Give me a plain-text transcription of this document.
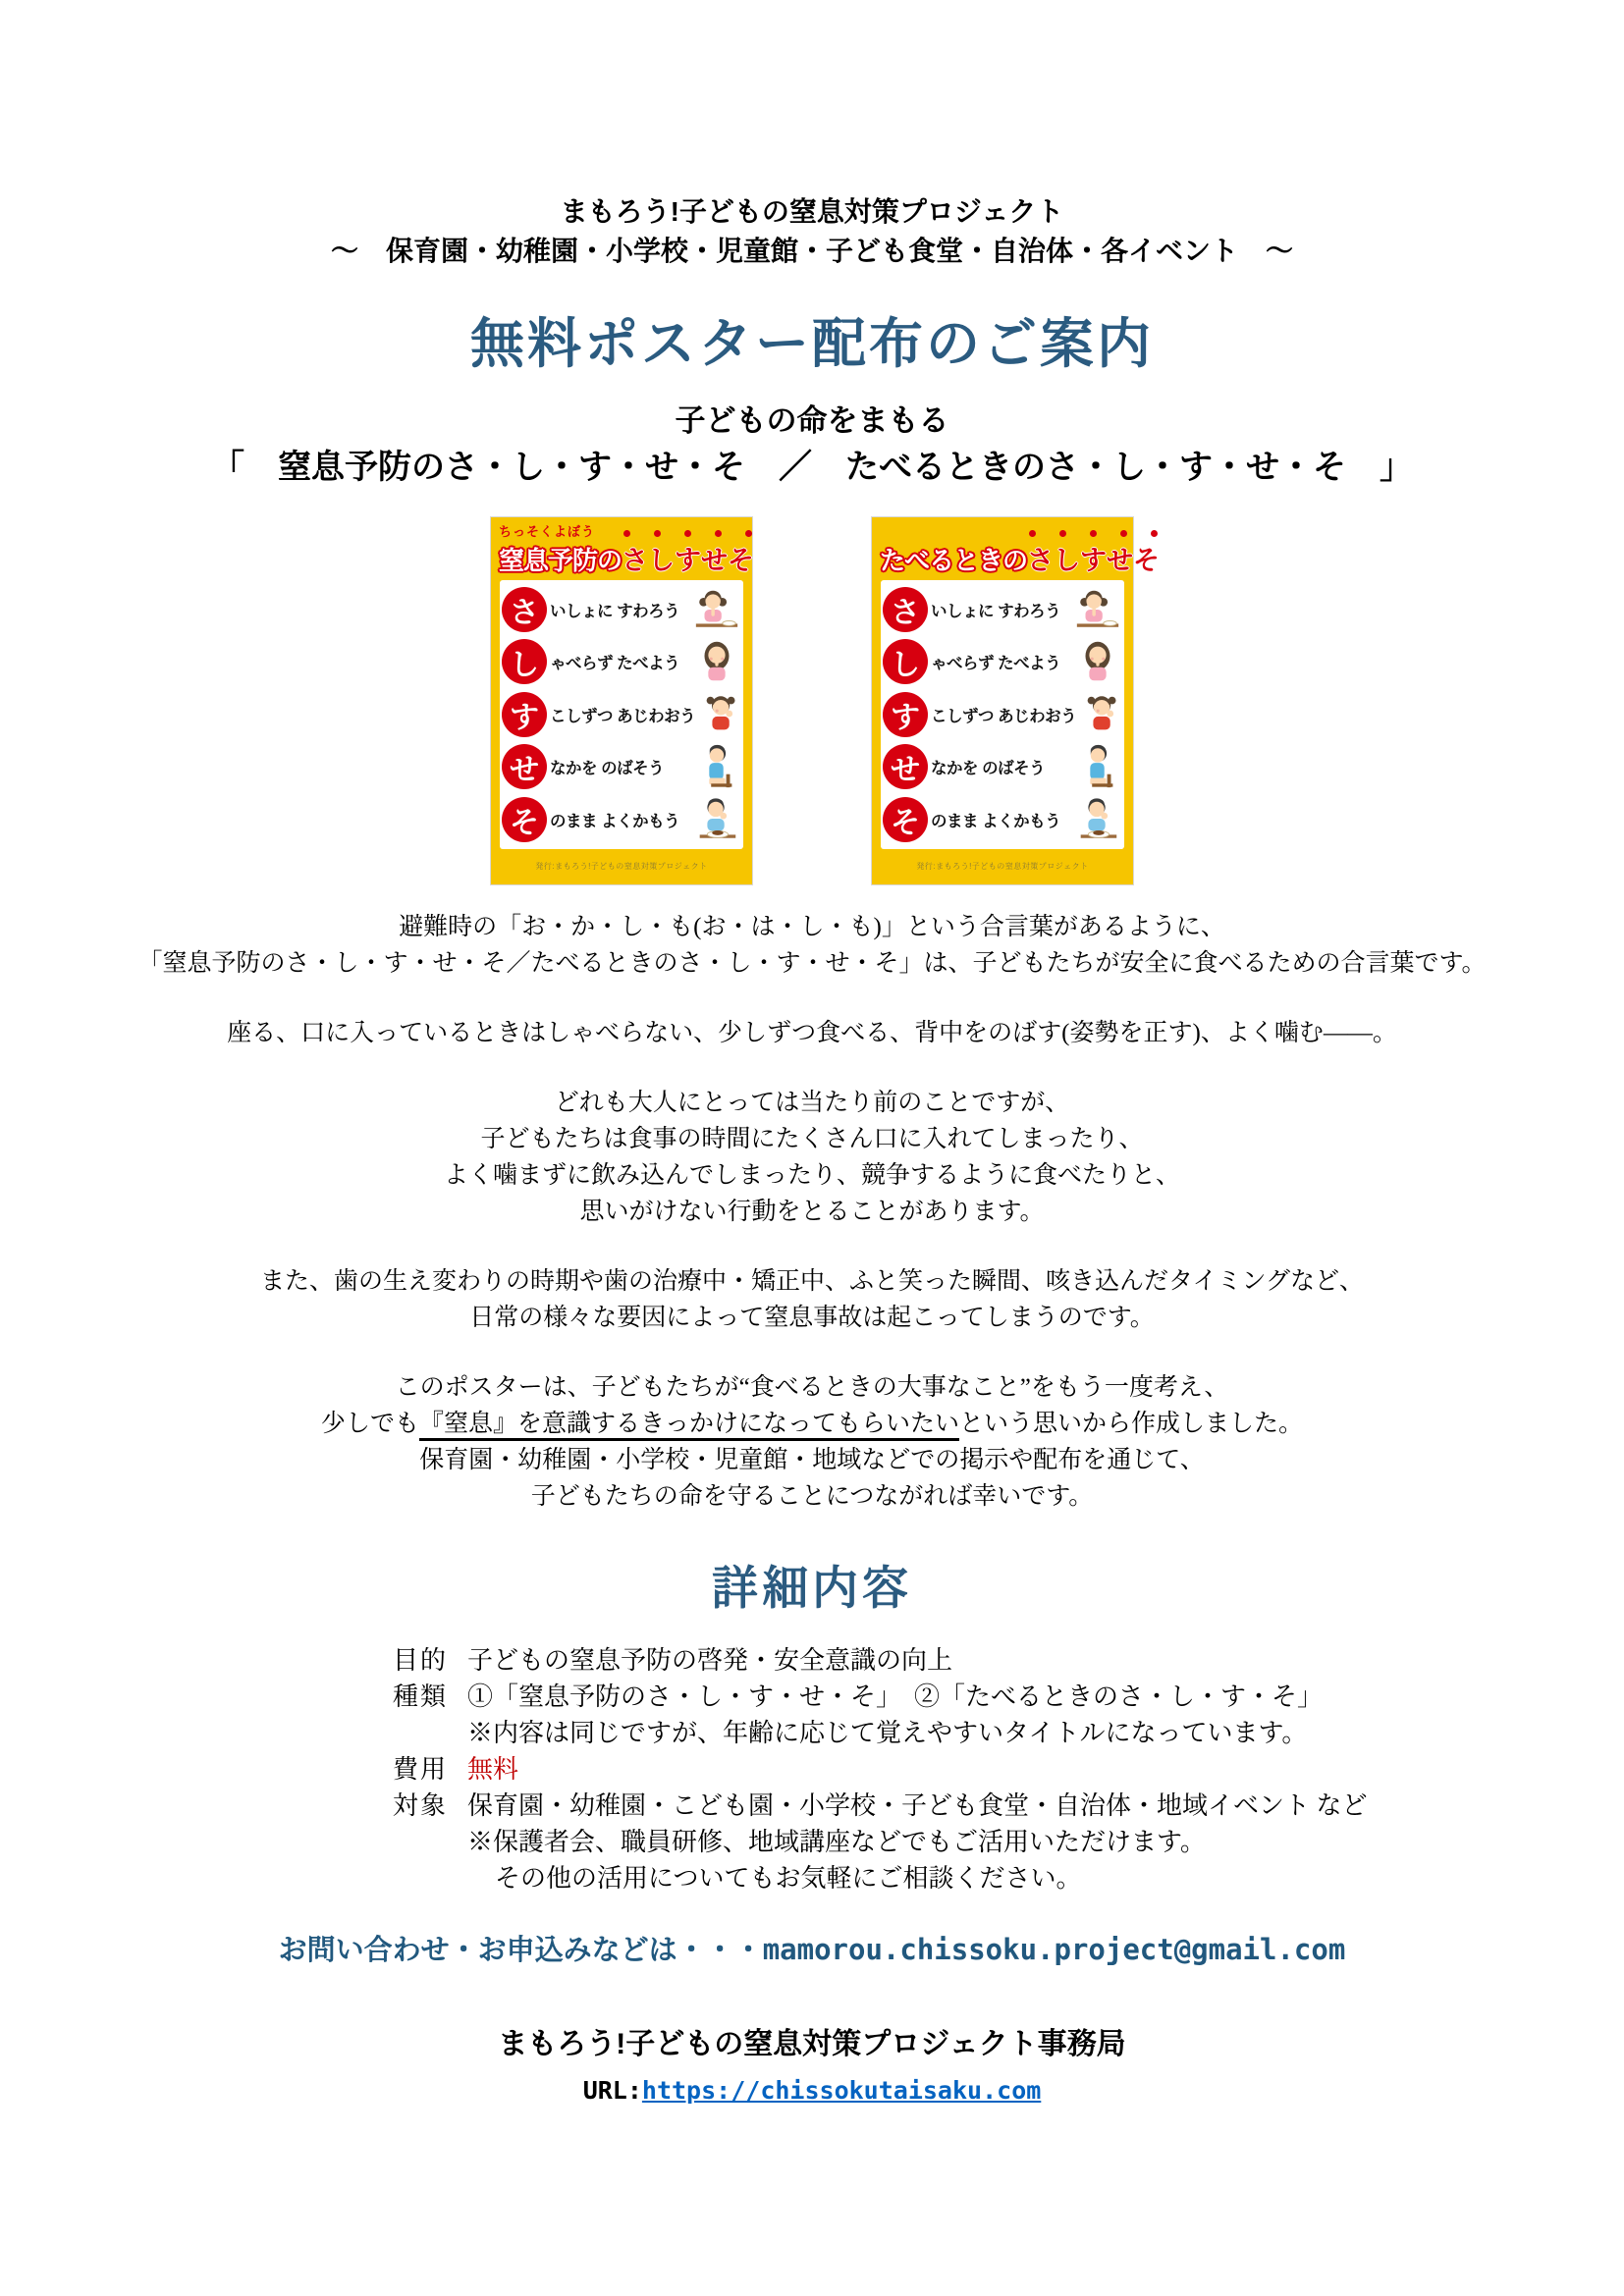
まもろう!子どもの窒息対策プロジェクト
～　保育園・幼稚園・小学校・児童館・子ども食堂・自治体・各イベント　～
無料ポスター配布のご案内
子どもの命をまもる
「　窒息予防のさ・し・す・せ・そ　／　たべるときのさ・し・す・せ・そ　」
ちっそくよぼう
窒息予防の さしすせそ
さ いしょに すわろう
し ゃべらず たべよう
す こしずつ あじわおう
せ なかを のばそう
そ のまま よくかもう
発行:まもろう!子どもの窒息対策プロジェクト
たべるときの さしすせそ
さ いしょに すわろう
し ゃべらず たべよう
す こしずつ あじわおう
せ なかを のばそう
そ のまま よくかもう
発行:まもろう!子どもの窒息対策プロジェクト

避難時の「お・か・し・も(お・は・し・も)」という合言葉があるように、
「窒息予防のさ・し・す・せ・そ／たべるときのさ・し・す・せ・そ」は、子どもたちが安全に食べるための合言葉です。

座る、口に入っているときはしゃべらない、少しずつ食べる、背中をのばす(姿勢を正す)、よく噛む――。

どれも大人にとっては当たり前のことですが、
子どもたちは食事の時間にたくさん口に入れてしまったり、
よく噛まずに飲み込んでしまったり、競争するように食べたりと、
思いがけない行動をとることがあります。

また、歯の生え変わりの時期や歯の治療中・矯正中、ふと笑った瞬間、咳き込んだタイミングなど、
日常の様々な要因によって窒息事故は起こってしまうのです。

このポスターは、子どもたちが“食べるときの大事なこと”をもう一度考え、
少しでも『窒息』を意識するきっかけになってもらいたいという思いから作成しました。
保育園・幼稚園・小学校・児童館・地域などでの掲示や配布を通じて、
子どもたちの命を守ることにつながれば幸いです。

詳細内容
目的 子どもの窒息予防の啓発・安全意識の向上
種類 ①「窒息予防のさ・し・す・せ・そ」　②「たべるときのさ・し・す・そ」
※内容は同じですが、年齢に応じて覚えやすいタイトルになっています。
費用 無料
対象 保育園・幼稚園・こども園・小学校・子ども食堂・自治体・地域イベント など
※保護者会、職員研修、地域講座などでもご活用いただけます。
その他の活用についてもお気軽にご相談ください。
お問い合わせ・お申込みなどは・・・mamorou.chissoku.project@gmail.com
まもろう!子どもの窒息対策プロジェクト事務局
URL:https://chissokutaisaku.com
